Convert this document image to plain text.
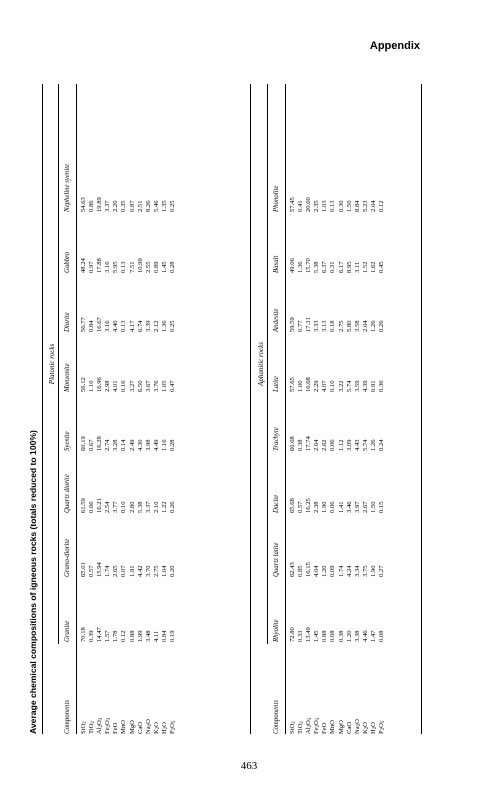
Appendix
Average chemical compositions of igneous rocks (totals reduced to 100%)
Plutonic rocks
Components
Granite
Grano-diorite
Quartz diorite
Syenite
Monzonite
Diorite
Gabbro
Nepheline syenite
SiO$_2$
TiO$_2$
$Al_2O_3$
$Fe_2O_3$
FeO MnO MgO CaO $Na_2O$
$K_2O$
$H_2O$
$P_2O_5$
70.18 0.39 14.47 1.57 1.78 0.12 0.88 1.99 3.48 4.11 0.84 0.19
65.01 0.57 15.94 1.74 2.65 0.07 1.91 4.42 3.70 2.75 1.04 0.20
61.59 0.66 16.21 2.54 3.77 0.10 2.80 5.38 3.37 2.10 1.22 0.26
60.19 0.67 16.28 2.74 3.28 0.14 2.49 4.30 3.98 4.49 1.16 0.28
56.12 1.10 16.96 2.98 4.01 0.16 3.27 6.50 3.67 3.76 1.05 0.47
56.77 0.84 16.67 3.16 4.40 0.13 4.17 6.74 3.39 2.12 1.36 0.25
48.24 0.97 17.88 3.16 5.95 0.13 7.51 10.99 2.55 0.89 1.45 0.28
54.63 0.86 19.89 3.37 2.20 0.35 0.87 2.51 8.26 5.46 1.35 0.25
Aphanitic rocks
Components
Rhyolite
Quartz latite
Dacite
Trachyte
Latite
Andesite
Basalt
Phonolite
SiO$_2$
TiO$_2$
$Al_2O_3$
$Fe_2O_3$
FeO MnO MgO CaO $Na_2O$
$K_2O$
$H_2O$
$P_2O_5$
72.80 0.33 13.49 1.45 0.88 0.08 0.38 1.20 3.38 4.46 1.47 0.08
62.43 0.85 16.15 4.04 1.20 0.09 1.74 4.24 3.34 3.75 1.90 0.27
65.68 0.57 16.25 2.38 1.90 0.06 1.41 3.46 3.97 2.67 1.50 0.15
60.68 0.38 17.74 2.64 2.62 0.06 1.12 3.09 4.43 5.74 1.26 0.24
57.65 1.00 16.68 2.29 4.07 0.10 3.22 5.74 3.59 4.39 0.91 0.36
59.59 0.77 17.31 3.33 3.13 0.18 2.75 5.80 3.58 2.04 1.26 0.26
49.06 1.36 15.70 5.38 6.37 0.31 6.17 8.95 3.11 1.52 1.62 0.45
57.45 0.41 20.60 2.35 1.03 0.13 0.30 1.50 8.84 5.23 2.04 0.12
463
